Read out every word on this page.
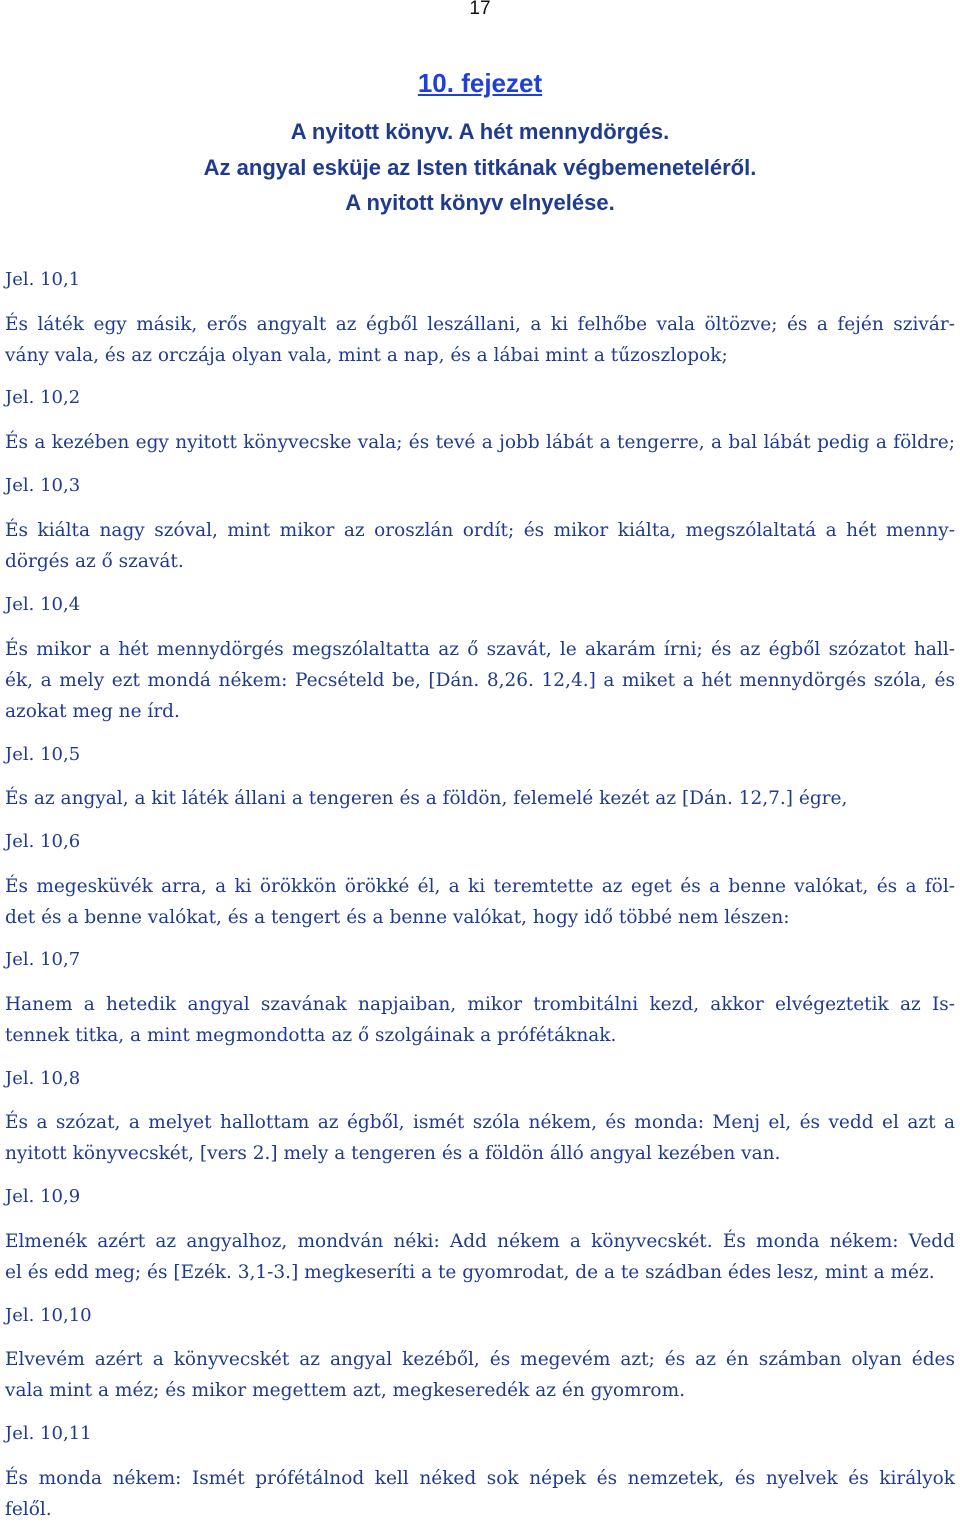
17
10. fejezet
A nyitott könyv. A hét mennydörgés.
Az angyal esküje az Isten titkának végbemeneteléről.
A nyitott könyv elnyelése.
Jel. 10,1

És láték egy másik, erős angyalt az égből leszállani, a ki felhőbe vala öltözve; és a fején szivár-
vány vala, és az orczája olyan vala, mint a nap, és a lábai mint a tűzoszlopok;

Jel. 10,2

És a kezében egy nyitott könyvecske vala; és tevé a jobb lábát a tengerre, a bal lábát pedig a földre;

Jel. 10,3

És kiálta nagy szóval, mint mikor az oroszlán ordít; és mikor kiálta, megszólaltatá a hét menny-
dörgés az ő szavát.

Jel. 10,4

És mikor a hét mennydörgés megszólaltatta az ő szavát, le akarám írni; és az égből szózatot hall-
ék, a mely ezt mondá nékem: Pecsételd be, [Dán. 8,26. 12,4.] a miket a hét mennydörgés szóla, és
azokat meg ne írd.

Jel. 10,5

És az angyal, a kit láték állani a tengeren és a földön, felemelé kezét az [Dán. 12,7.] égre,

Jel. 10,6

És megesküvék arra, a ki örökkön örökké él, a ki teremtette az eget és a benne valókat, és a föl-
det és a benne valókat, és a tengert és a benne valókat, hogy idő többé nem lészen:

Jel. 10,7

Hanem a hetedik angyal szavának napjaiban, mikor trombitálni kezd, akkor elvégeztetik az Is-
tennek titka, a mint megmondotta az ő szolgáinak a prófétáknak.

Jel. 10,8

És a szózat, a melyet hallottam az égből, ismét szóla nékem, és monda: Menj el, és vedd el azt a
nyitott könyvecskét, [vers 2.] mely a tengeren és a földön álló angyal kezében van.

Jel. 10,9

Elmenék azért az angyalhoz, mondván néki: Add nékem a könyvecskét. És monda nékem: Vedd
el és edd meg; és [Ezék. 3,1-3.] megkeseríti a te gyomrodat, de a te szádban édes lesz, mint a méz.

Jel. 10,10

Elvevém azért a könyvecskét az angyal kezéből, és megevém azt; és az én számban olyan édes
vala mint a méz; és mikor megettem azt, megkeseredék az én gyomrom.

Jel. 10,11

És monda nékem: Ismét prófétálnod kell néked sok népek és nemzetek, és nyelvek és királyok
felől.
